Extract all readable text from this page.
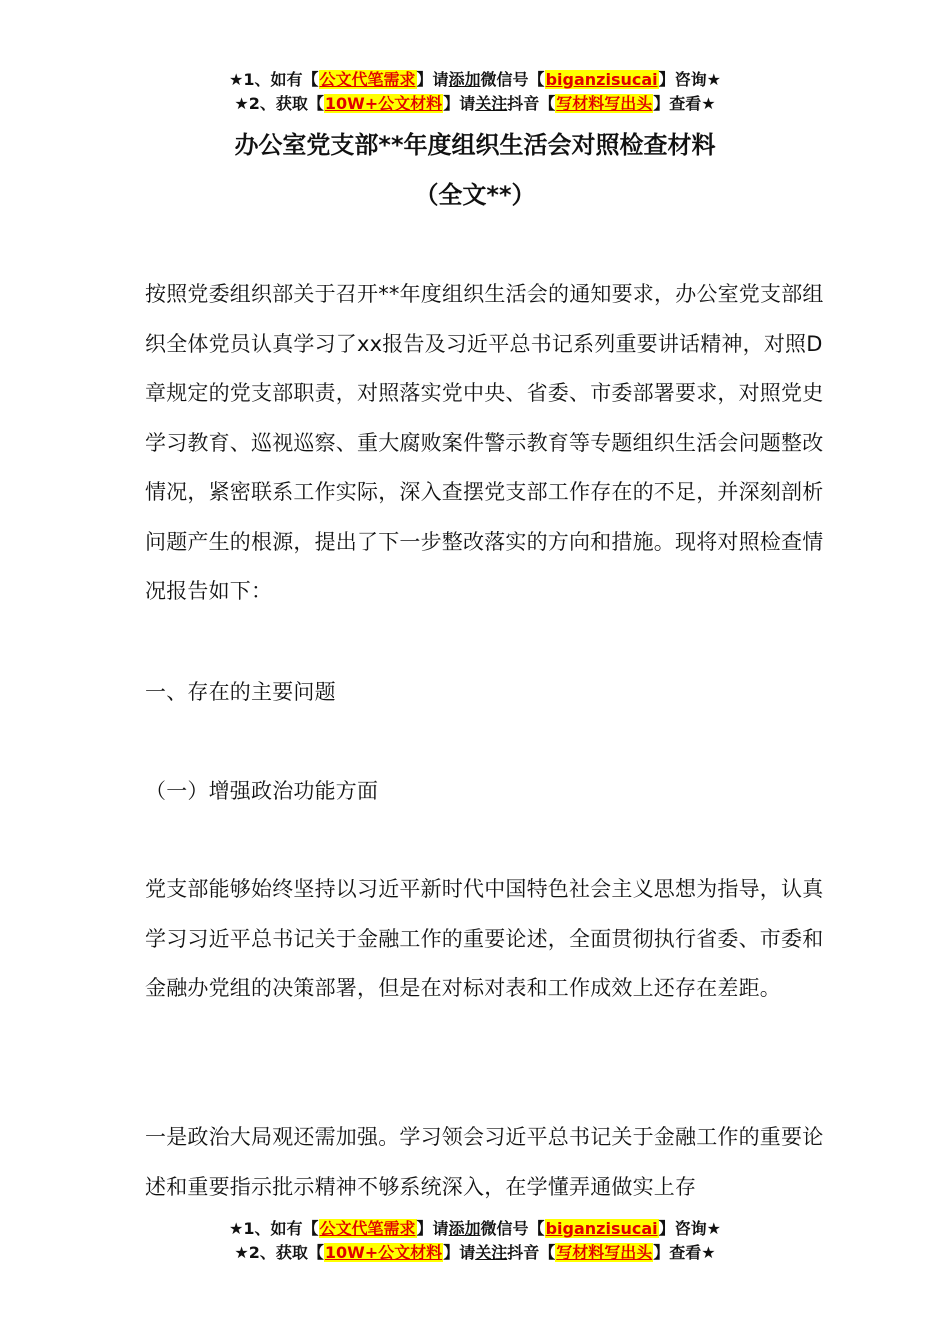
★1、如有【公文代笔需求】请添加微信号【biganzisucai】咨询★
★2、获取【10W+公文材料】请关注抖音【写材料写出头】查看★
办公室党支部**年度组织生活会对照检查材料
（全文**）

按照党委组织部关于召开**年度组织生活会的通知要求，办公室党支部组织全体党员认真学习了xx报告及习近平总书记系列重要讲话精神，对照D章规定的党支部职责，对照落实党中央、省委、市委部署要求，对照党史学习教育、巡视巡察、重大腐败案件警示教育等专题组织生活会问题整改情况，紧密联系工作实际，深入查摆党支部工作存在的不足，并深刻剖析问题产生的根源，提出了下一步整改落实的方向和措施。现将对照检查情况报告如下：

一、存在的主要问题

（一）增强政治功能方面

党支部能够始终坚持以习近平新时代中国特色社会主义思想为指导，认真学习习近平总书记关于金融工作的重要论述，全面贯彻执行省委、市委和金融办党组的决策部署，但是在对标对表和工作成效上还存在差距。

一是政治大局观还需加强。学习领会习近平总书记关于金融工作的重要论述和重要指示批示精神不够系统深入，在学懂弄通做实上存

★1、如有【公文代笔需求】请添加微信号【biganzisucai】咨询★
★2、获取【10W+公文材料】请关注抖音【写材料写出头】查看★
